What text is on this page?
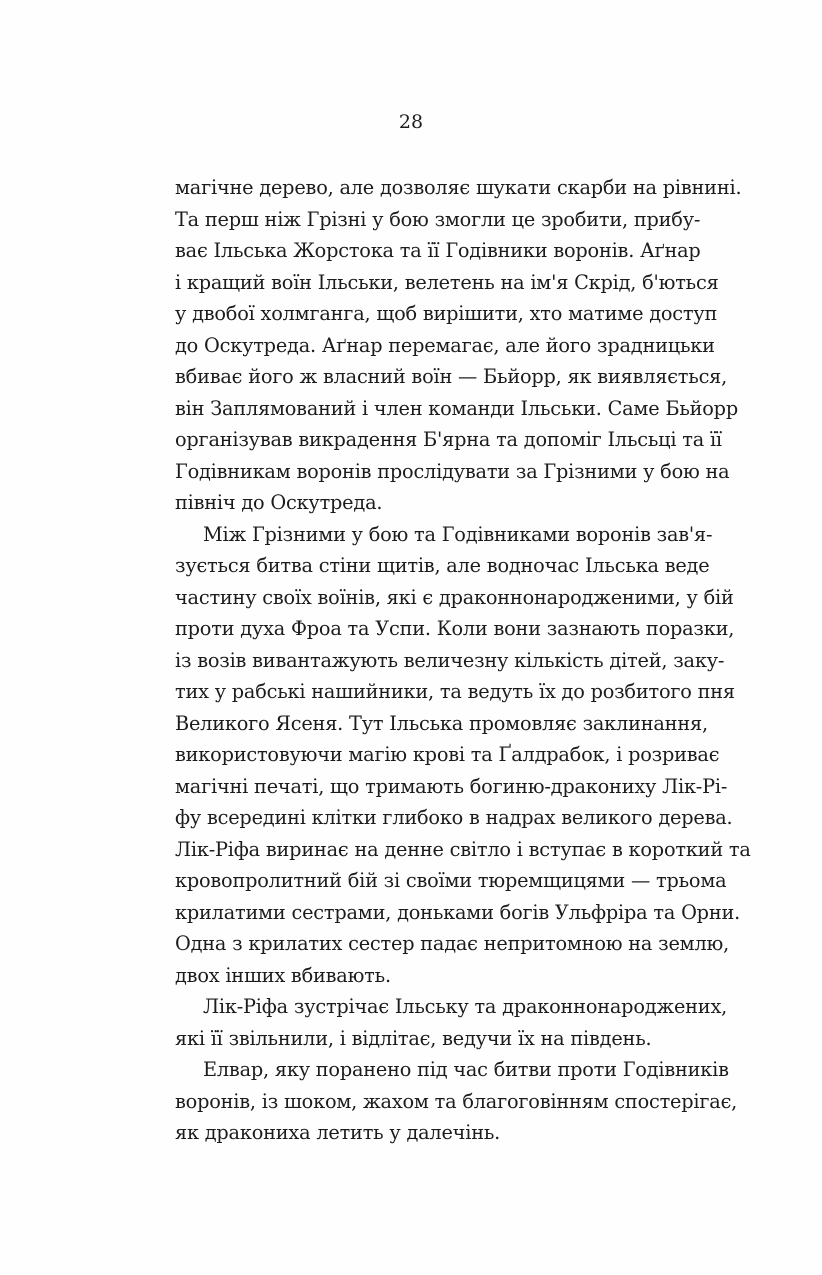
28
магічне дерево, але дозволяє шукати скарби на рівнині.
Та перш ніж Грізні у бою змогли це зробити, прибу-
ває Ільська Жорстока та її Годівники воронів. Аґнар
і кращий воїн Ільськи, велетень на ім'я Скрід, б'ються
у двобої холмганга, щоб вирішити, хто матиме доступ
до Оскутреда. Аґнар перемагає, але його зрадницьки
вбиває його ж власний воїн — Бьйорр, як виявляється,
він Заплямований і член команди Ільськи. Саме Бьйорр
організував викрадення Б'ярна та допоміг Ільсьці та її
Годівникам воронів прослідувати за Грізними у бою на
північ до Оскутреда.
Між Грізними у бою та Годівниками воронів зав'я-
зується битва стіни щитів, але водночас Ільська веде
частину своїх воїнів, які є драконнонародженими, у бій
проти духа Фроа та Успи. Коли вони зазнають поразки,
із возів вивантажують величезну кількість дітей, заку-
тих у рабські нашийники, та ведуть їх до розбитого пня
Великого Ясеня. Тут Ільська промовляє заклинання,
використовуючи магію крові та Ґалдрабок, і розриває
магічні печаті, що тримають богиню-дракониху Лік-Рі-
фу всередині клітки глибоко в надрах великого дерева.
Лік-Ріфа виринає на денне світло і вступає в короткий та
кровопролитний бій зі своїми тюремщицями — трьома
крилатими сестрами, доньками богів Ульфріра та Орни.
Одна з крилатих сестер падає непритомною на землю,
двох інших вбивають.
Лік-Ріфа зустрічає Ільську та драконнонароджених,
які її звільнили, і відлітає, ведучи їх на південь.
Елвар, яку поранено під час битви проти Годівників
воронів, із шоком, жахом та благоговінням спостерігає,
як дракониха летить у далечінь.
